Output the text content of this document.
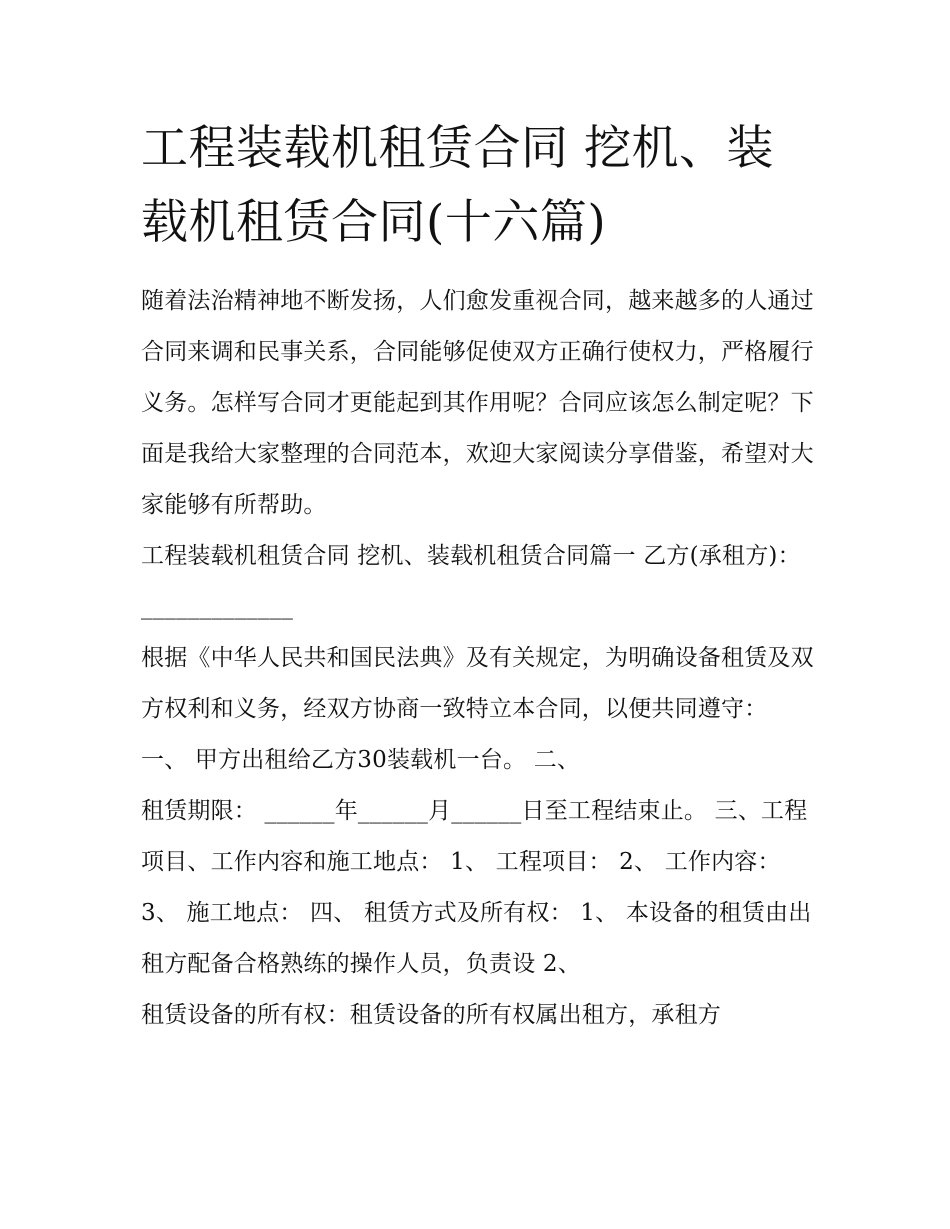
工程装载机租赁合同 挖机、装载机租赁合同(十六篇)

随着法治精神地不断发扬，人们愈发重视合同，越来越多的人通过合同来调和民事关系，合同能够促使双方正确行使权力，严格履行义务。怎样写合同才更能起到其作用呢？合同应该怎么制定呢？下面是我给大家整理的合同范本，欢迎大家阅读分享借鉴，希望对大家能够有所帮助。

工程装载机租赁合同 挖机、装载机租赁合同篇一 乙方(承租方)：_____________

根据《中华人民共和国民法典》及有关规定，为明确设备租赁及双方权利和义务，经双方协商一致特立本合同，以便共同遵守： 一、 甲方出租给乙方30装载机一台。 二、

租赁期限： ______年______月______日至工程结束止。 三、工程项目、工作内容和施工地点： 1、 工程项目： 2、 工作内容：

3、 施工地点： 四、 租赁方式及所有权： 1、 本设备的租赁由出租方配备合格熟练的操作人员，负责设 2、

租赁设备的所有权：租赁设备的所有权属出租方，承租方
